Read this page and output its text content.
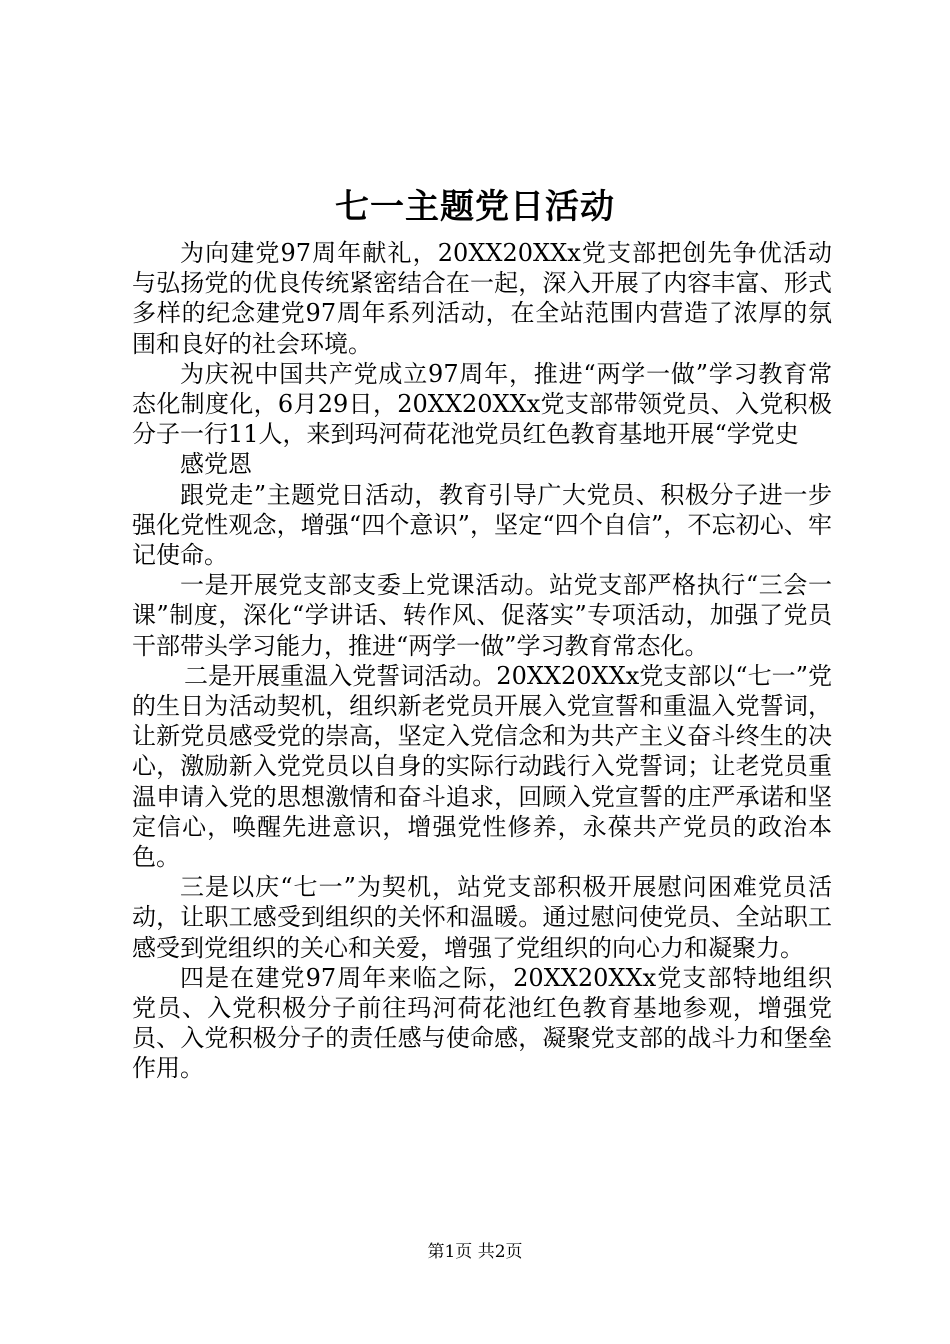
七一主题党日活动

为向建党97周年献礼，20XX20XXx党支部把创先争优活动与弘扬党的优良传统紧密结合在一起，深入开展了内容丰富、形式多样的纪念建党97周年系列活动，在全站范围内营造了浓厚的氛围和良好的社会环境。

为庆祝中国共产党成立97周年，推进“两学一做”学习教育常态化制度化，6月29日，20XX20XXx党支部带领党员、入党积极分子一行11人，来到玛河荷花池党员红色教育基地开展“学党史

感党恩

跟党走”主题党日活动，教育引导广大党员、积极分子进一步强化党性观念，增强“四个意识”，坚定“四个自信”，不忘初心、牢记使命。

一是开展党支部支委上党课活动。站党支部严格执行“三会一课”制度，深化“学讲话、转作风、促落实”专项活动，加强了党员干部带头学习能力，推进“两学一做”学习教育常态化。

二是开展重温入党誓词活动。20XX20XXx党支部以“七一”党的生日为活动契机，组织新老党员开展入党宣誓和重温入党誓词，让新党员感受党的崇高，坚定入党信念和为共产主义奋斗终生的决心，激励新入党党员以自身的实际行动践行入党誓词；让老党员重温申请入党的思想激情和奋斗追求，回顾入党宣誓的庄严承诺和坚定信心，唤醒先进意识，增强党性修养，永葆共产党员的政治本色。

三是以庆“七一”为契机，站党支部积极开展慰问困难党员活动，让职工感受到组织的关怀和温暖。通过慰问使党员、全站职工感受到党组织的关心和关爱，增强了党组织的向心力和凝聚力。

四是在建党97周年来临之际，20XX20XXx党支部特地组织党员、入党积极分子前往玛河荷花池红色教育基地参观，增强党员、入党积极分子的责任感与使命感，凝聚党支部的战斗力和堡垒作用。

第1页 共2页
